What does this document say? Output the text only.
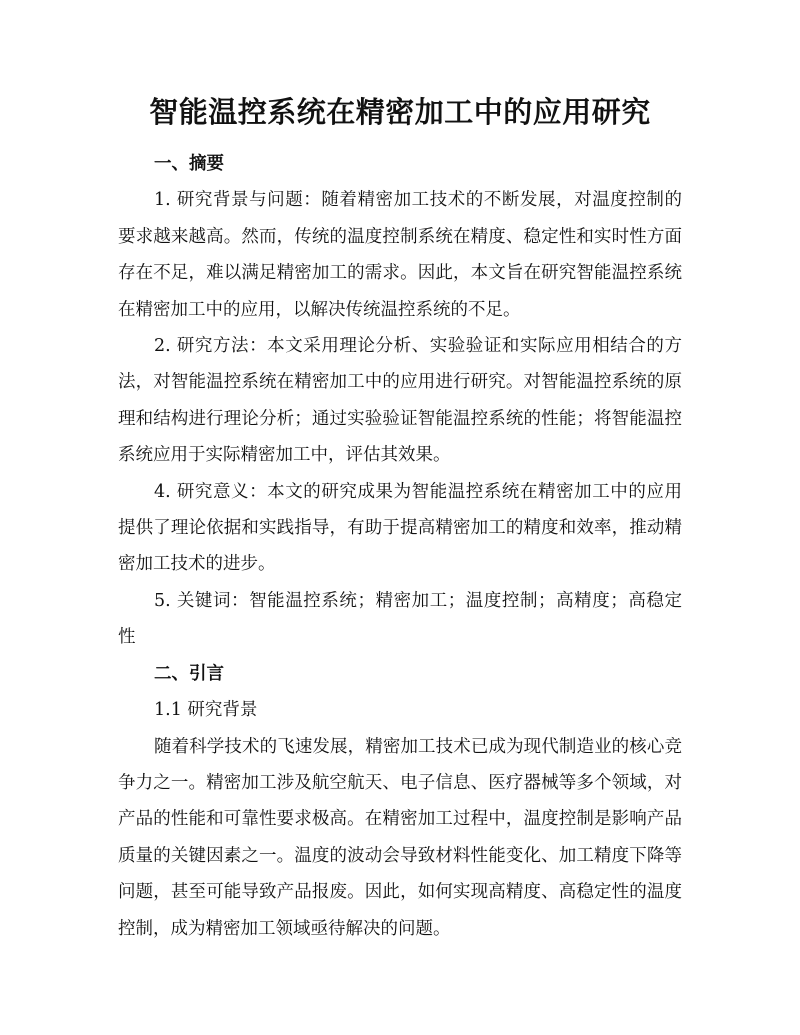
智能温控系统在精密加工中的应用研究

一、摘要

1. 研究背景与问题：随着精密加工技术的不断发展，对温度控制的要求越来越高。然而，传统的温度控制系统在精度、稳定性和实时性方面存在不足，难以满足精密加工的需求。因此，本文旨在研究智能温控系统在精密加工中的应用，以解决传统温控系统的不足。

2. 研究方法：本文采用理论分析、实验验证和实际应用相结合的方法，对智能温控系统在精密加工中的应用进行研究。对智能温控系统的原理和结构进行理论分析；通过实验验证智能温控系统的性能；将智能温控系统应用于实际精密加工中，评估其效果。

4. 研究意义：本文的研究成果为智能温控系统在精密加工中的应用提供了理论依据和实践指导，有助于提高精密加工的精度和效率，推动精密加工技术的进步。

5. 关键词：智能温控系统；精密加工；温度控制；高精度；高稳定性

二、引言

1.1 研究背景

随着科学技术的飞速发展，精密加工技术已成为现代制造业的核心竞争力之一。精密加工涉及航空航天、电子信息、医疗器械等多个领域，对产品的性能和可靠性要求极高。在精密加工过程中，温度控制是影响产品质量的关键因素之一。温度的波动会导致材料性能变化、加工精度下降等问题，甚至可能导致产品报废。因此，如何实现高精度、高稳定性的温度控制，成为精密加工领域亟待解决的问题。
